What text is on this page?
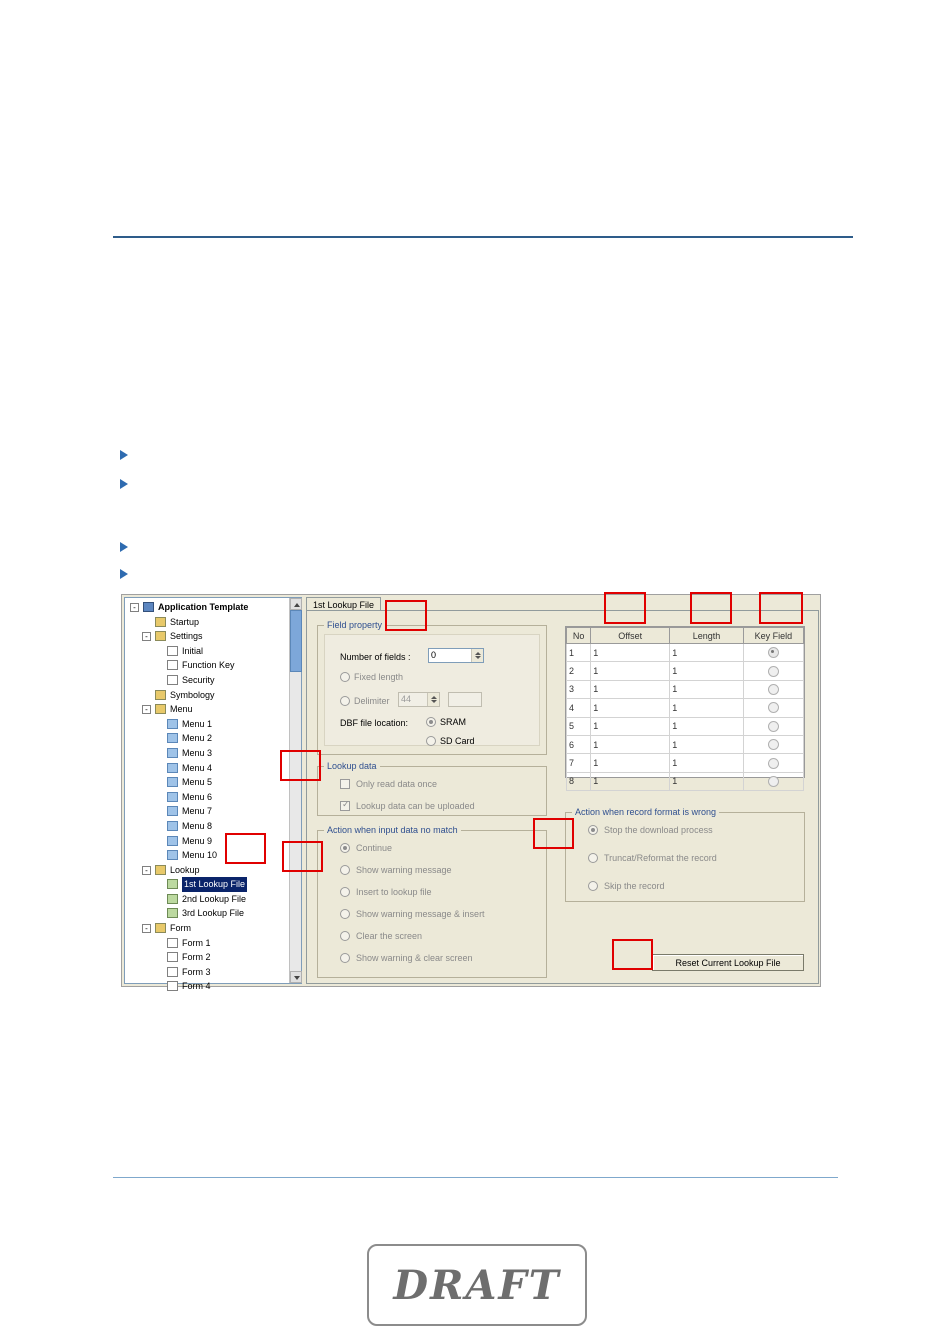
-	Application Template
Startup
-	Settings
Initial
Function Key
Security
Symbology
-	Menu
Menu 1
Menu 2
Menu 3
Menu 4
Menu 5
Menu 6
Menu 7
Menu 8
Menu 9
Menu 10
-	Lookup
1st Lookup File
2nd Lookup File
3rd Lookup File
-	Form
Form 1
Form 2
Form 3
Form 4
1st Lookup File
Field property
Number of fields :	0
Fixed length
Delimiter	44
DBF file location:	SRAM
SD Card
Lookup data
Only read data once
✓
Lookup data can be uploaded
Action when input data no match
Continue
Show warning message
Insert to lookup file
Show warning message & insert
Clear the screen
Show warning & clear screen
No	Offset	Length	Key Field
1	1	1	
2	1	1	
3	1	1	
4	1	1	
5	1	1	
6	1	1	
7	1	1	
8	1	1	
Action when record format is wrong
Stop the download process
Truncat/Reformat the record
Skip the record
Reset Current Lookup File
DRAFT
